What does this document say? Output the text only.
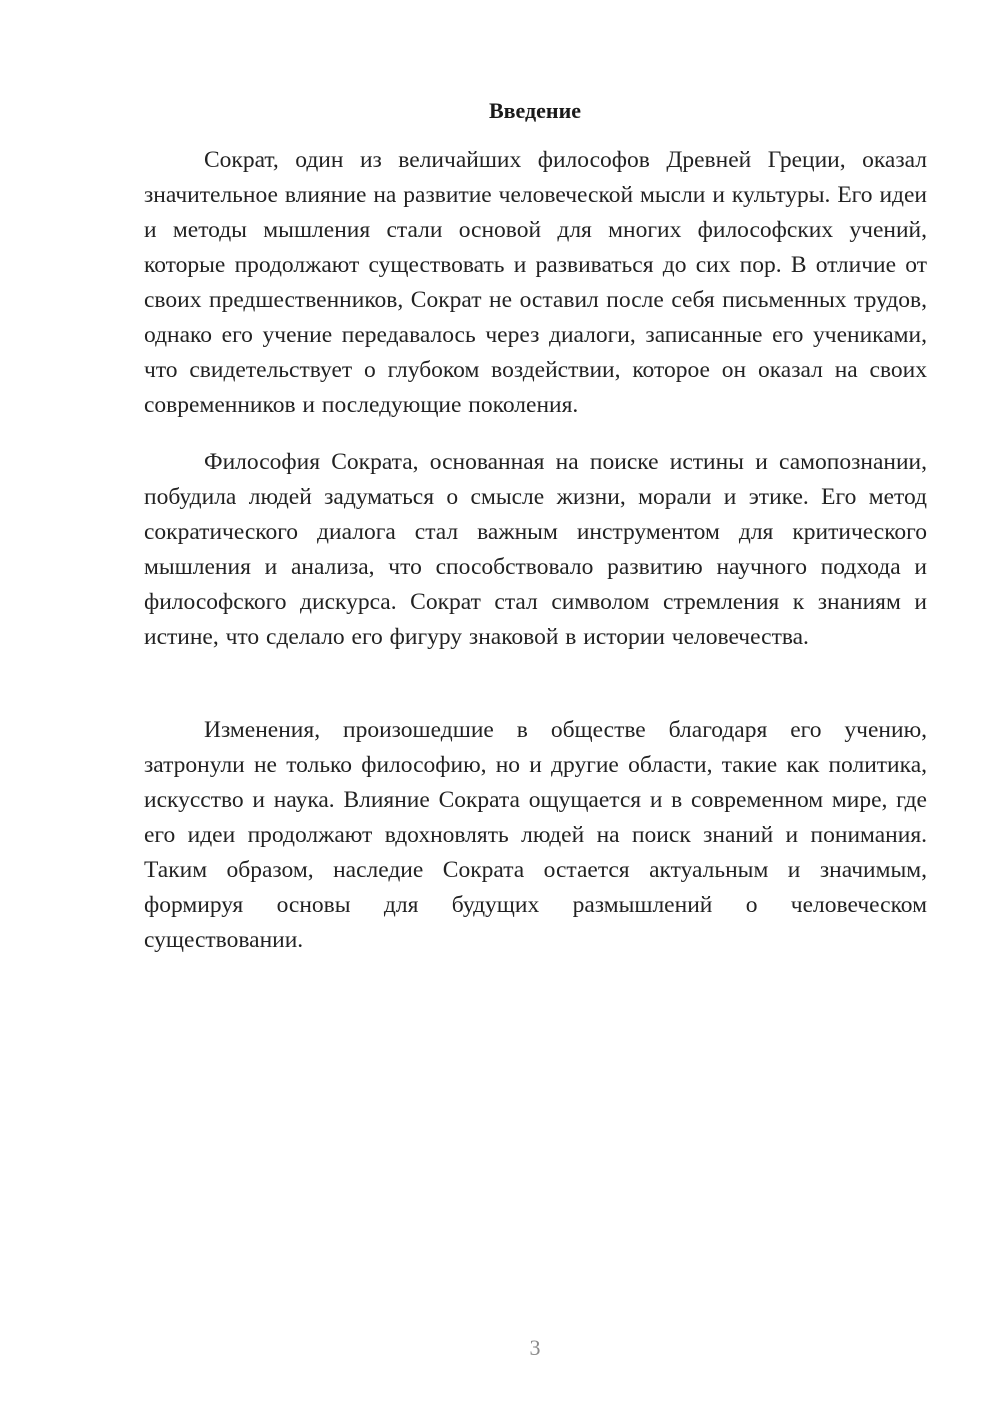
Введение

Сократ, один из величайших философов Древней Греции, оказал значительное влияние на развитие человеческой мысли и культуры. Его идеи и методы мышления стали основой для многих философских учений, которые продолжают существовать и развиваться до сих пор. В отличие от своих предшественников, Сократ не оставил после себя письменных трудов, однако его учение передавалось через диалоги, записанные его учениками, что свидетельствует о глубоком воздействии, которое он оказал на своих современников и последующие поколения.

Философия Сократа, основанная на поиске истины и самопознании, побудила людей задуматься о смысле жизни, морали и этике. Его метод сократического диалога стал важным инструментом для критического мышления и анализа, что способствовало развитию научного подхода и философского дискурса. Сократ стал символом стремления к знаниям и истине, что сделало его фигуру знаковой в истории человечества.

Изменения, произошедшие в обществе благодаря его учению, затронули не только философию, но и другие области, такие как политика, искусство и наука. Влияние Сократа ощущается и в современном мире, где его идеи продолжают вдохновлять людей на поиск знаний и понимания. Таким образом, наследие Сократа остается актуальным и значимым, формируя основы для будущих размышлений о человеческом существовании.

3
